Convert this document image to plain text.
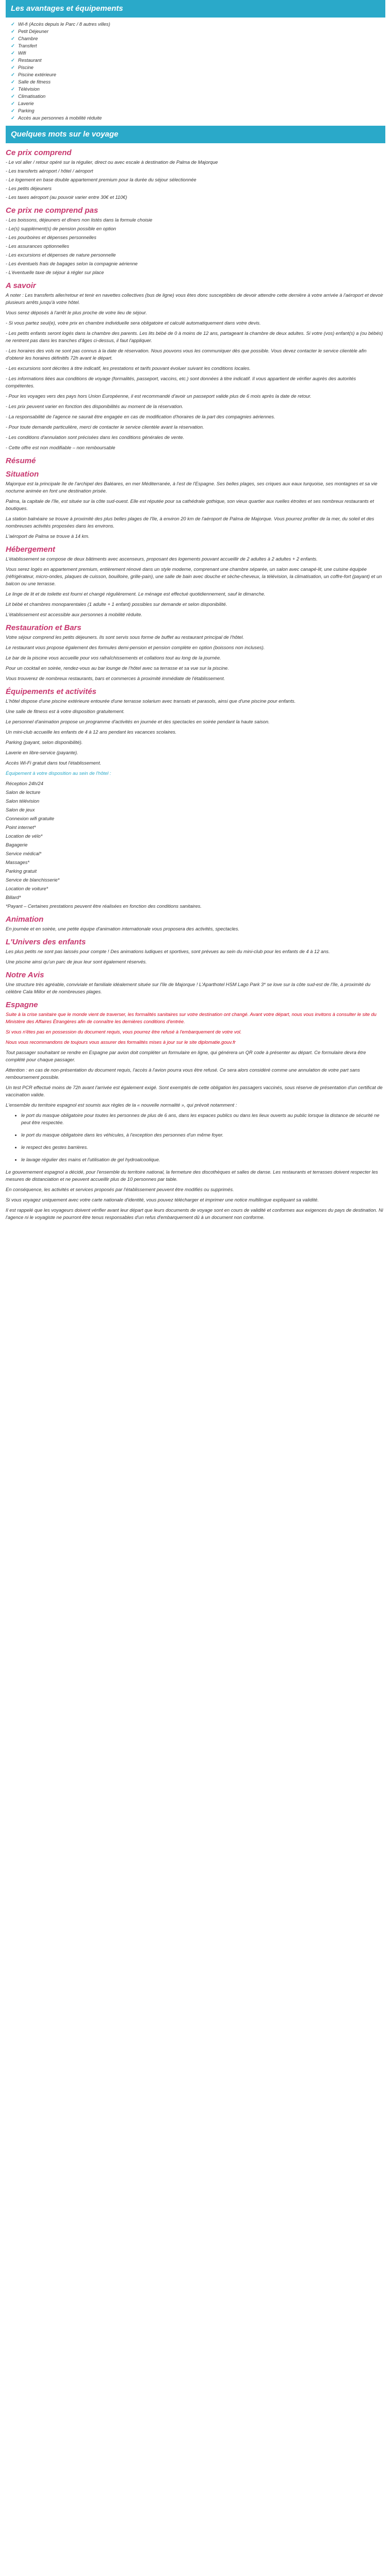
Les avantages et équipements
✓ Wi-fi (Accès depuis le Parc / 8 autres villes)
✓ Petit Déjeuner
✓ Chambre
✓ Transfert
✓ Wifi
✓ Restaurant
✓ Piscine
✓ Piscine extérieure
✓ Salle de fitness
✓ Télévision
✓ Climatisation
✓ Laverie
✓ Parking
✓ Accès aux personnes à mobilité réduite
Quelques mots sur le voyage
Ce prix comprend

- Le vol aller / retour opéré sur la régulier, direct ou avec escale à destination de Palma de Majorque

- Les transferts aéroport / hôtel / aéroport

- Le logement en base double appartement premium pour la durée du séjour sélectionnée

- Les petits déjeuners

- Les taxes aéroport (au pouvoir varier entre 30€ et 110€)

Ce prix ne comprend pas

- Les boissons, déjeuners et dîners non listés dans la formule choisie

- Le(s) supplément(s) de pension possible en option

- Les pourboires et dépenses personnelles

- Les assurances optionnelles

- Les excursions et dépenses de nature personnelle

- Les éventuels frais de bagages selon la compagnie aérienne

- L'éventuelle taxe de séjour à régler sur place

A savoir

A noter : Les transferts aller/retour et tenir en navettes collectives (bus de ligne) vous êtes donc susceptibles de devoir attendre cette dernière à votre arrivée à l'aéroport et devoir plusieurs arrêts jusqu'à votre hôtel.

Vous serez déposés à l'arrêt le plus proche de votre lieu de séjour.

- Si vous partez seul(e), votre prix en chambre individuelle sera obligatoire et calculé automatiquement dans votre devis.

- Les petits enfants seront logés dans la chambre des parents. Les lits bébé de 0 à moins de 12 ans, partageant la chambre de deux adultes. Si votre (vos) enfant(s) a (ou bébés) ne rentrent pas dans les tranches d'âges ci-dessus, il faut l'appliquer.

- Les horaires des vols ne sont pas connus à la date de réservation. Nous pouvons vous les communiquer dès que possible. Vous devez contacter le service clientèle afin d'obtenir les horaires définitifs 72h avant le départ.

- Les excursions sont décrites à titre indicatif, les prestations et tarifs pouvant évoluer suivant les conditions locales.

- Les informations liées aux conditions de voyage (formalités, passeport, vaccins, etc.) sont données à titre indicatif. Il vous appartient de vérifier auprès des autorités compétentes.

- Pour les voyages vers des pays hors Union Européenne, il est recommandé d'avoir un passeport valide plus de 6 mois après la date de retour.

- Les prix peuvent varier en fonction des disponibilités au moment de la réservation.

- La responsabilité de l'agence ne saurait être engagée en cas de modification d'horaires de la part des compagnies aériennes.

- Pour toute demande particulière, merci de contacter le service clientèle avant la réservation.

- Les conditions d'annulation sont précisées dans les conditions générales de vente.

- Cette offre est non modifiable – non remboursable

Résumé
Situation

Majorque est la principale île de l'archipel des Baléares, en mer Méditerranée, à l'est de l'Espagne. Ses belles plages, ses criques aux eaux turquoise, ses montagnes et sa vie nocturne animée en font une destination prisée.

Palma, la capitale de l'île, est située sur la côte sud-ouest. Elle est réputée pour sa cathédrale gothique, son vieux quartier aux ruelles étroites et ses nombreux restaurants et boutiques.

La station balnéaire se trouve à proximité des plus belles plages de l'île, à environ 20 km de l'aéroport de Palma de Majorque. Vous pourrez profiter de la mer, du soleil et des nombreuses activités proposées dans les environs.

L'aéroport de Palma se trouve à 14 km.

Hébergement

L'établissement se compose de deux bâtiments avec ascenseurs, proposant des logements pouvant accueillir de 2 adultes à 2 adultes + 2 enfants.

Vous serez logés en appartement premium, entièrement rénové dans un style moderne, comprenant une chambre séparée, un salon avec canapé-lit, une cuisine équipée (réfrigérateur, micro-ondes, plaques de cuisson, bouilloire, grille-pain), une salle de bain avec douche et sèche-cheveux, la télévision, la climatisation, un coffre-fort (payant) et un balcon ou une terrasse.

Le linge de lit et de toilette est fourni et changé régulièrement. Le ménage est effectué quotidiennement, sauf le dimanche.

Lit bébé et chambres monoparentales (1 adulte + 1 enfant) possibles sur demande et selon disponibilité.

L'établissement est accessible aux personnes à mobilité réduite.

Restauration et Bars

Votre séjour comprend les petits déjeuners. Ils sont servis sous forme de buffet au restaurant principal de l'hôtel.

Le restaurant vous propose également des formules demi-pension et pension complète en option (boissons non incluses).

Le bar de la piscine vous accueille pour vos rafraîchissements et collations tout au long de la journée.

Pour un cocktail en soirée, rendez-vous au bar lounge de l'hôtel avec sa terrasse et sa vue sur la piscine.

Vous trouverez de nombreux restaurants, bars et commerces à proximité immédiate de l'établissement.

Équipements et activités

L'hôtel dispose d'une piscine extérieure entourée d'une terrasse solarium avec transats et parasols, ainsi que d'une piscine pour enfants.

Une salle de fitness est à votre disposition gratuitement.

Le personnel d'animation propose un programme d'activités en journée et des spectacles en soirée pendant la haute saison.

Un mini-club accueille les enfants de 4 à 12 ans pendant les vacances scolaires.

Parking (payant, selon disponibilité).

Laverie en libre-service (payante).

Accès Wi-Fi gratuit dans tout l'établissement.

Équipement à votre disposition au sein de l'hôtel :

Réception 24h/24

Salon de lecture

Salon télévision

Salon de jeux

Connexion wifi gratuite

Point internet*

Location de vélo*

Bagagerie

Service médical*

Massages*

Parking gratuit

Service de blanchisserie*

Location de voiture*

Billard*

*Payant – Certaines prestations peuvent être réalisées en fonction des conditions sanitaires.

Animation

En journée et en soirée, une petite équipe d'animation internationale vous proposera des activités, spectacles.

L'Univers des enfants

Les plus petits ne sont pas laissés pour compte ! Des animations ludiques et sportives, sont prévues au sein du mini-club pour les enfants de 4 à 12 ans.

Une piscine ainsi qu'un parc de jeux leur sont également réservés.

Notre Avis

Une structure très agréable, conviviale et familiale idéalement située sur l'île de Majorque ! L'Aparthotel HSM Lago Park 3* se love sur la côte sud-est de l'île, à proximité du célèbre Cala Millor et de nombreuses plages.

Espagne

Suite à la crise sanitaire que le monde vient de traverser, les formalités sanitaires sur votre destination ont changé. Avant votre départ, nous vous invitons à consulter le site du Ministère des Affaires Étrangères afin de connaître les dernières conditions d'entrée.

Si vous n'êtes pas en possession du document requis, vous pourrez être refusé à l'embarquement de votre vol.

Nous vous recommandons de toujours vous assurer des formalités mises à jour sur le site diplomatie.gouv.fr

Tout passager souhaitant se rendre en Espagne par avion doit compléter un formulaire en ligne, qui générera un QR code à présenter au départ. Ce formulaire devra être complété pour chaque passager.

Attention : en cas de non-présentation du document requis, l'accès à l'avion pourra vous être refusé. Ce sera alors considéré comme une annulation de votre part sans remboursement possible.

Un test PCR effectué moins de 72h avant l'arrivée est également exigé. Sont exemptés de cette obligation les passagers vaccinés, sous réserve de présentation d'un certificat de vaccination valide.

L'ensemble du territoire espagnol est soumis aux règles de la « nouvelle normalité », qui prévoit notamment :

• le port du masque obligatoire pour toutes les personnes de plus de 6 ans, dans les espaces publics ou dans les lieux ouverts au public lorsque la distance de sécurité ne peut être respectée.
• le port du masque obligatoire dans les véhicules, à l'exception des personnes d'un même foyer.
• le respect des gestes barrières.
• le lavage régulier des mains et l'utilisation de gel hydroalcoolique.

Le gouvernement espagnol a décidé, pour l'ensemble du territoire national, la fermeture des discothèques et salles de danse. Les restaurants et terrasses doivent respecter les mesures de distanciation et ne peuvent accueillir plus de 10 personnes par table.

En conséquence, les activités et services proposés par l'établissement peuvent être modifiés ou supprimés.

Si vous voyagez uniquement avec votre carte nationale d'identité, vous pouvez télécharger et imprimer une notice multilingue expliquant sa validité.

Il est rappelé que les voyageurs doivent vérifier avant leur départ que leurs documents de voyage sont en cours de validité et conformes aux exigences du pays de destination. Ni l'agence ni le voyagiste ne pourront être tenus responsables d'un refus d'embarquement dû à un document non conforme.
